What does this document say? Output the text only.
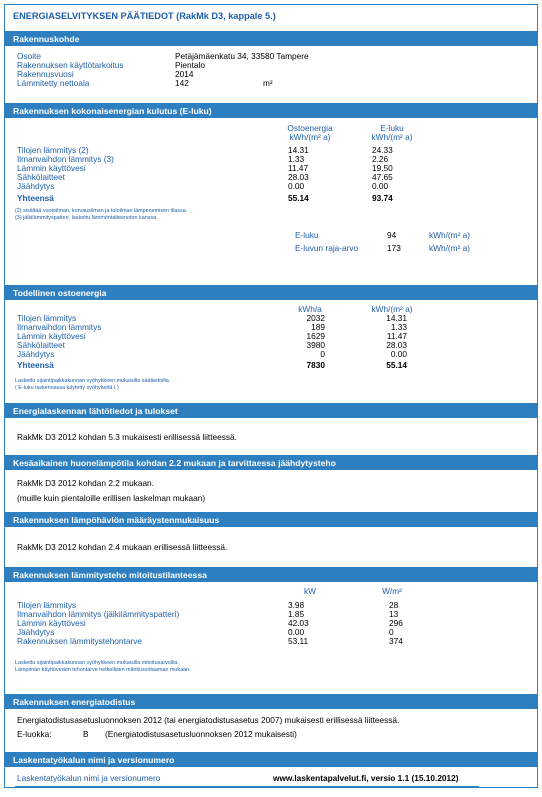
ENERGIASELVITYKSEN PÄÄTIEDOT (RakMk D3, kappale 5.)
Rakennuskohde
Osoite	Petäjämäenkatu 34, 33580 Tampere
Rakennuksen käyttötarkoitus	Pientalo
Rakennusvuosi	2014
Lämmitetty nettoala	142	m²
Rakennuksen kokonaisenergian kulutus (E-luku)
Ostoenergia	E-luku
kWh/(m² a)	kWh/(m² a)
Tilojen lämmitys (2)	14.31	24.33
Ilmanvaihdon lämmitys (3)	1.33	2.26
Lämmin käyttövesi	11.47	19.50
Sähkölaitteet	28.03	47.65
Jäähdytys	0.00	0.00
Yhteensä	55.14	93.74
(2) sisältää vuotoilman, korvausilman ja tuloilman lämpenemisen tilassa.
(3) jälkilämmityspatteri, laskettu lämmöntalteenoton kanssa.
E-luku	94	kWh/(m² a)
E-luvun raja-arvo	173	kWh/(m² a)
Todellinen ostoenergia
kWh/a	kWh/(m² a)
Tilojen lämmitys	2032	14.31
Ilmanvaihdon lämmitys	189	1.33
Lämmin käyttövesi	1629	11.47
Sähkölaitteet	3980	28.03
Jäähdytys	0	0.00
Yhteensä	7830	55.14
Laskettu sijaintipaikkakunnan vyöhykkeen mukaisilla säätiedoilla.
( E-luku laskennassa käytetty vyöhykettä I )
Energialaskennan lähtötiedot ja tulokset
RakMk D3 2012 kohdan 5.3 mukaisesti erillisessä liitteessä.
Kesäaikainen huonelämpötila kohdan 2.2 mukaan ja tarvittaessa jäähdytysteho
RakMk D3 2012 kohdan 2.2 mukaan.
(muille kuin pientaloille erillisen laskelman mukaan)
Rakennuksen lämpöhäviön määräystenmukaisuus
RakMk D3 2012 kohdan 2.4 mukaan erillisessä liitteessä.
Rakennuksen lämmitysteho mitoitustilanteessa
kW	W/m²
Tilojen lämmitys	3.98	28
Ilmanvaihdon lämmitys (jälkilämmityspatteri)	1.85	13
Lämmin käyttövesi	42.03	296
Jäähdytys	0.00	0
Rakennuksen lämmitystehontarve	53.11	374
Laskettu sijaintipaikkakunnan vyöhykkeen mukaisilla mitoitusarvoilla.
Lämpimän käyttöveden tehontarve hetkellisen mitoitusvirtaaman mukaan.
Rakennuksen energiatodistus
Energiatodistusasetusluonnoksen 2012 (tai energiatodistusasetus 2007) mukaisesti erillisessä liitteessä.
E-luokka:	B (Energiatodistusasetusluonnoksen 2012 mukaisesti)
Laskentatyökalun nimi ja versionumero
Laskentatyökalun nimi ja versionumero	www.laskentapalvelut.fi, versio 1.1 (15.10.2012)
